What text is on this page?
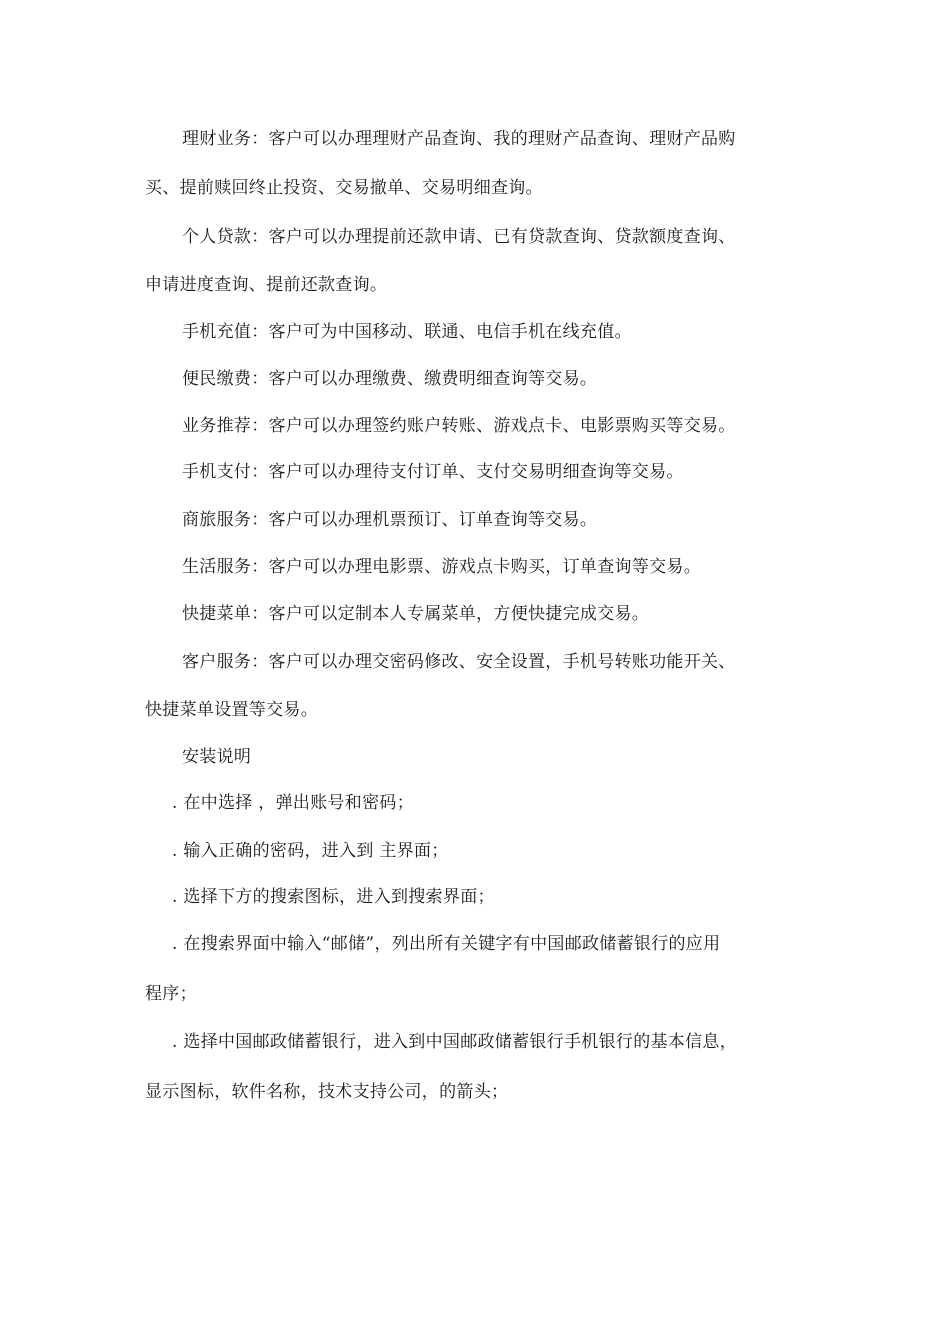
理财业务：客户可以办理理财产品查询、我的理财产品查询、理财产品购
买、提前赎回终止投资、交易撤单、交易明细查询。
个人贷款：客户可以办理提前还款申请、已有贷款查询、贷款额度查询、
申请进度查询、提前还款查询。
手机充值：客户可为中国移动、联通、电信手机在线充值。
便民缴费：客户可以办理缴费、缴费明细查询等交易。
业务推荐：客户可以办理签约账户转账、游戏点卡、电影票购买等交易。
手机支付：客户可以办理待支付订单、支付交易明细查询等交易。
商旅服务：客户可以办理机票预订、订单查询等交易。
生活服务：客户可以办理电影票、游戏点卡购买，订单查询等交易。
快捷菜单：客户可以定制本人专属菜单，方便快捷完成交易。
客户服务：客户可以办理交密码修改、安全设置，手机号转账功能开关、
快捷菜单设置等交易。
安装说明
. 在中选择 ，弹出账号和密码；
. 输入正确的密码，进入到 主界面；
. 选择下方的搜索图标，进入到搜索界面；
. 在搜索界面中输入“邮储”，列出所有关键字有中国邮政储蓄银行的应用
程序；
. 选择中国邮政储蓄银行，进入到中国邮政储蓄银行手机银行的基本信息，
显示图标，软件名称，技术支持公司，的箭头；
